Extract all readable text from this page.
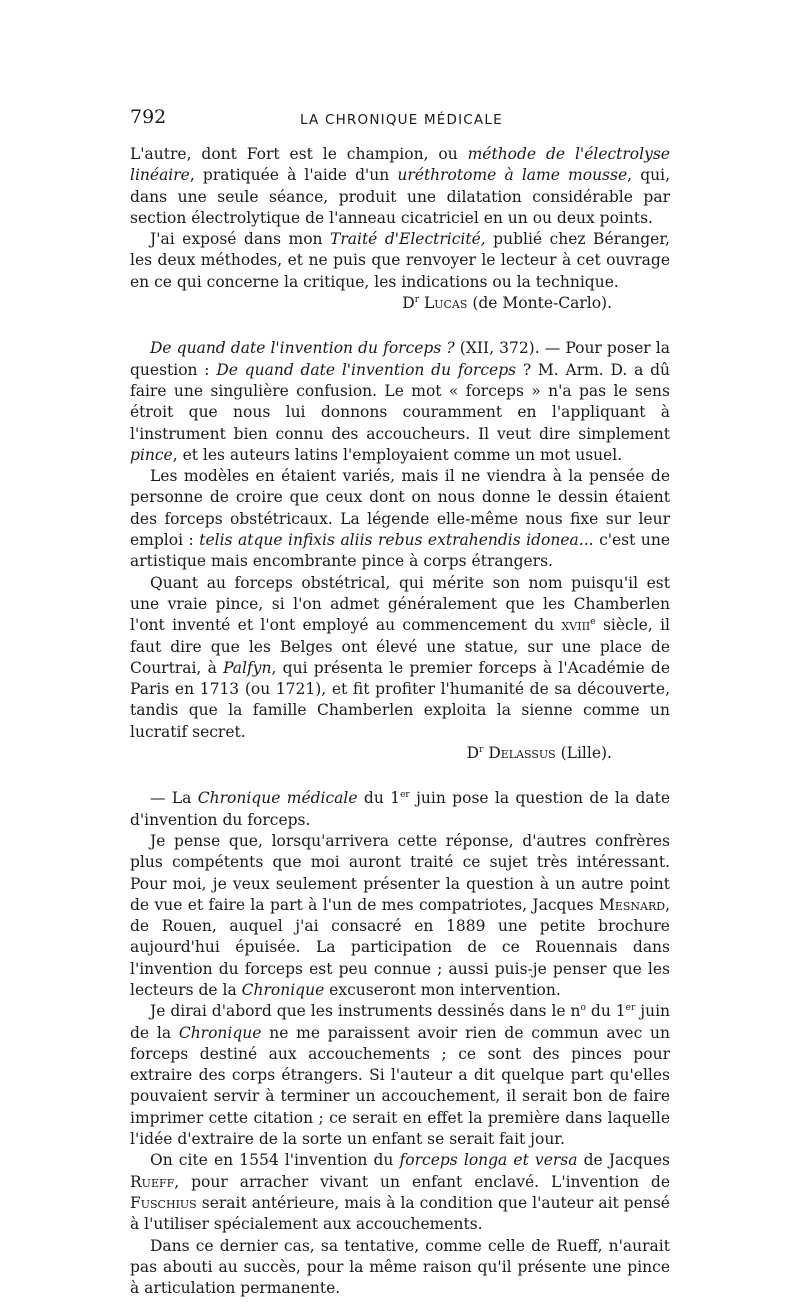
792	LA CHRONIQUE MÉDICALE

L'autre, dont Fort est le champion, ou méthode de l'électrolyse linéaire, pratiquée à l'aide d'un uréthrotome à lame mousse, qui, dans une seule séance, produit une dilatation considérable par section électrolytique de l'anneau cicatriciel en un ou deux points.

J'ai exposé dans mon Traité d'Electricité, publié chez Béranger, les deux méthodes, et ne puis que renvoyer le lecteur à cet ouvrage en ce qui concerne la critique, les indications ou la technique.

$D^r$ Lucas (de Monte-Carlo).

De quand date l'invention du forceps ? (XII, 372). — Pour poser la question : De quand date l'invention du forceps ? M. Arm. D. a dû faire une singulière confusion. Le mot « forceps » n'a pas le sens étroit que nous lui donnons couramment en l'appliquant à l'instrument bien connu des accoucheurs. Il veut dire simplement pince, et les auteurs latins l'employaient comme un mot usuel.

Les modèles en étaient variés, mais il ne viendra à la pensée de personne de croire que ceux dont on nous donne le dessin étaient des forceps obstétricaux. La légende elle-même nous fixe sur leur emploi : telis atque infixis aliis rebus extrahendis idonea... c'est une artistique mais encombrante pince à corps étrangers.

Quant au forceps obstétrical, qui mérite son nom puisqu'il est une vraie pince, si l'on admet généralement que les Chamberlen l'ont inventé et l'ont employé au commencement du xviii$^e$ siècle, il faut dire que les Belges ont élevé une statue, sur une place de Courtrai, à Palfyn, qui présenta le premier forceps à l'Académie de Paris en 1713 (ou 1721), et fit profiter l'humanité de sa découverte, tandis que la famille Chamberlen exploita la sienne comme un lucratif secret.

$D^r$ Delassus (Lille).

— La Chronique médicale du 1er juin pose la question de la date d'invention du forceps.

Je pense que, lorsqu'arrivera cette réponse, d'autres confrères plus compétents que moi auront traité ce sujet très intéressant. Pour moi, je veux seulement présenter la question à un autre point de vue et faire la part à l'un de mes compatriotes, Jacques Mesnard, de Rouen, auquel j'ai consacré en 1889 une petite brochure aujourd'hui épuisée. La participation de ce Rouennais dans l'invention du forceps est peu connue ; aussi puis-je penser que les lecteurs de la Chronique excuseront mon intervention.

Je dirai d'abord que les instruments dessinés dans le $n^o$ du 1er juin de la Chronique ne me paraissent avoir rien de commun avec un forceps destiné aux accouchements ; ce sont des pinces pour extraire des corps étrangers. Si l'auteur a dit quelque part qu'elles pouvaient servir à terminer un accouchement, il serait bon de faire imprimer cette citation ; ce serait en effet la première dans laquelle l'idée d'extraire de la sorte un enfant se serait fait jour.

On cite en 1554 l'invention du forceps longa et versa de Jacques Rueff, pour arracher vivant un enfant enclavé. L'invention de Fuschius serait antérieure, mais à la condition que l'auteur ait pensé à l'utiliser spécialement aux accouchements.

Dans ce dernier cas, sa tentative, comme celle de Rueff, n'aurait pas abouti au succès, pour la même raison qu'il présente une pince à articulation permanente.
